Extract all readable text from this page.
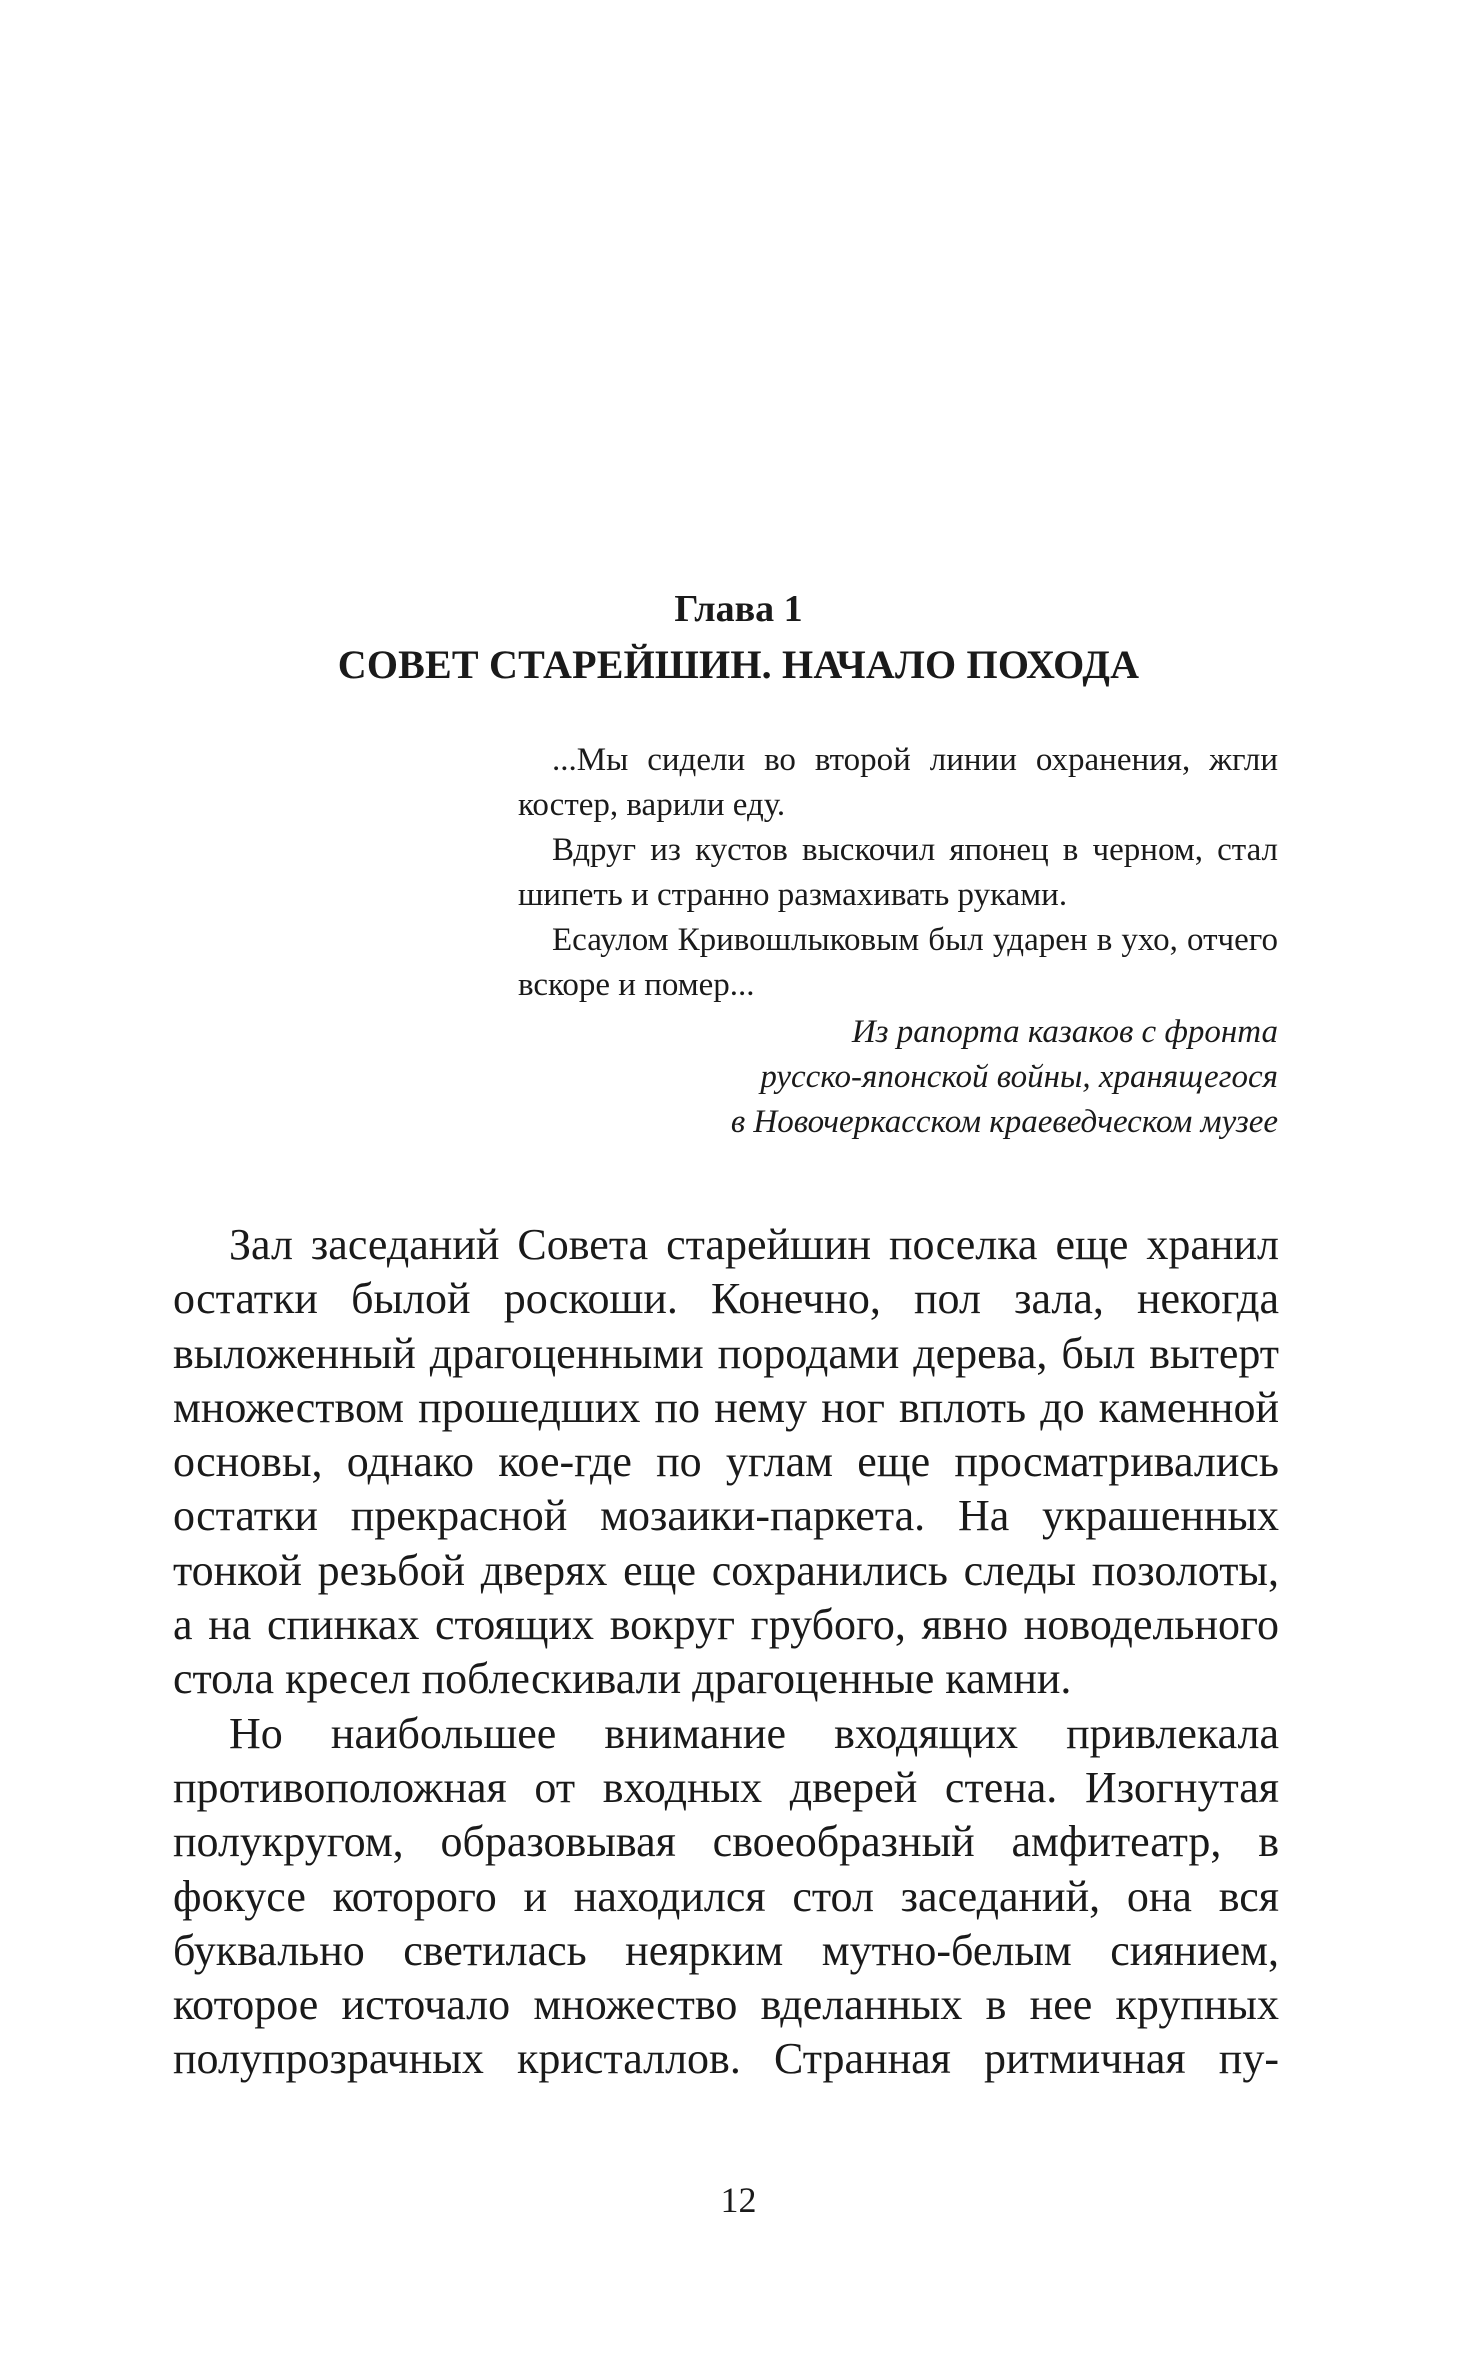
Глава 1
СОВЕТ СТАРЕЙШИН. НАЧАЛО ПОХОДА

...Мы сидели во второй линии охранения, жгли костер, варили еду.

Вдруг из кустов выскочил японец в черном, стал шипеть и странно размахивать руками.

Есаулом Кривошлыковым был ударен в ухо, отчего вскоре и помер...

Из рапорта казаков с фронта
русско-японской войны, хранящегося
в Новочеркасском краеведческом музее

Зал заседаний Совета старейшин поселка еще хранил остатки былой роскоши. Конечно, пол зала, некогда выложенный драгоценными породами дерева, был вытерт множеством прошедших по нему ног вплоть до каменной основы, однако кое-где по углам еще просматривались остатки прекрасной мозаики-паркета. На украшенных тонкой резьбой дверях еще сохранились следы позолоты, а на спинках стоящих вокруг грубого, явно новодельного стола кресел поблескивали драгоценные камни.

Но наибольшее внимание входящих привлекала противоположная от входных дверей стена. Изогнутая полукругом, образовывая своеобразный амфитеатр, в фокусе которого и находился стол заседаний, она вся буквально светилась неярким мутно-белым сиянием, которое источало множество вделанных в нее крупных полупрозрачных кристаллов. Странная ритмичная пу-

12
